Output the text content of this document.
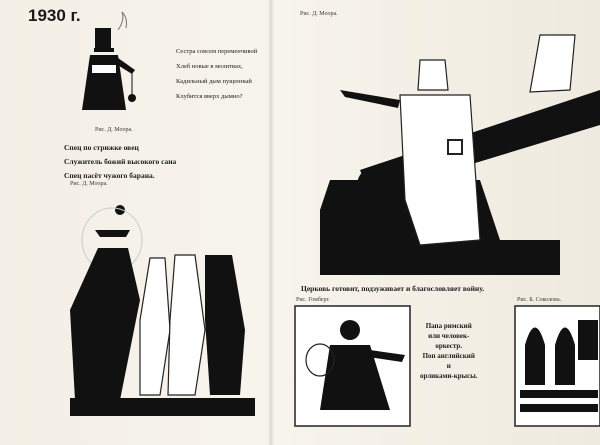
1930 г.	Рис. Д. Моора.
Сестра совсем переменчивой
Хлеб новые в молитвах,
Кадильный дым пущенный
Клубится вверх дымно?
Рис. Д. Моора.
Спец по стрижке овец
Служитель божий высокого сана
Спец пасёт чужого барана.
Рис. Д. Моора.
Церковь готовит, подзуживает и благословляет войну.
Рис. Гомберг.
Папа римский
или человек-
оркестр.
Поп английский
и
орликами-крысы.
Рис. Б. Соколова.
